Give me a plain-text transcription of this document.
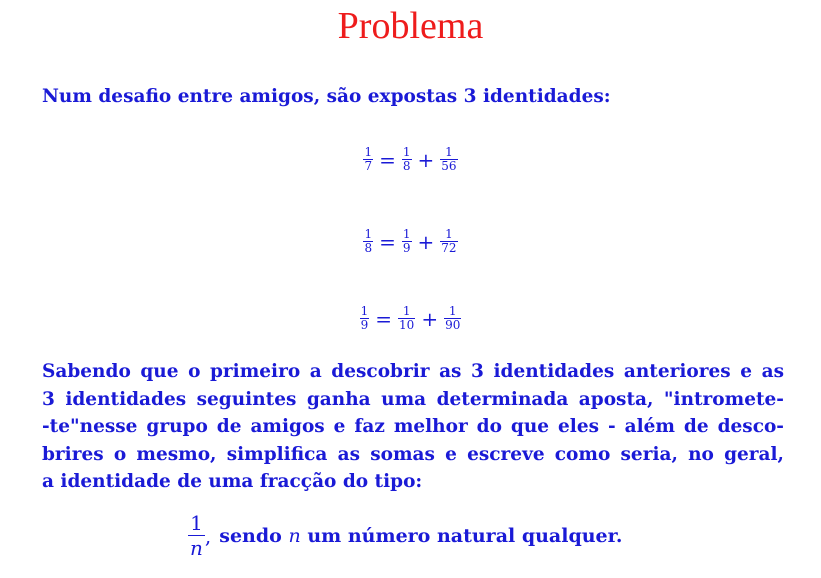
Problema
Num desafio entre amigos, são expostas 3 identidades:
$\frac{1}{7} = \frac{1}{8} + \frac{1}{56}$
$\frac{1}{8} = \frac{1}{9} + \frac{1}{72}$
$\frac{1}{9} = \frac{1}{10} + \frac{1}{90}$
Sabendo que o primeiro a descobrir as 3 identidades anteriores e as
3 identidades seguintes ganha uma determinada aposta, "intromete-
-te"nesse grupo de amigos e faz melhor do que eles - além de desco-
brires o mesmo, simplifica as somas e escreve como seria, no geral,
a identidade de uma fracção do tipo:
1
n
, sendo
n
um número natural qualquer.
